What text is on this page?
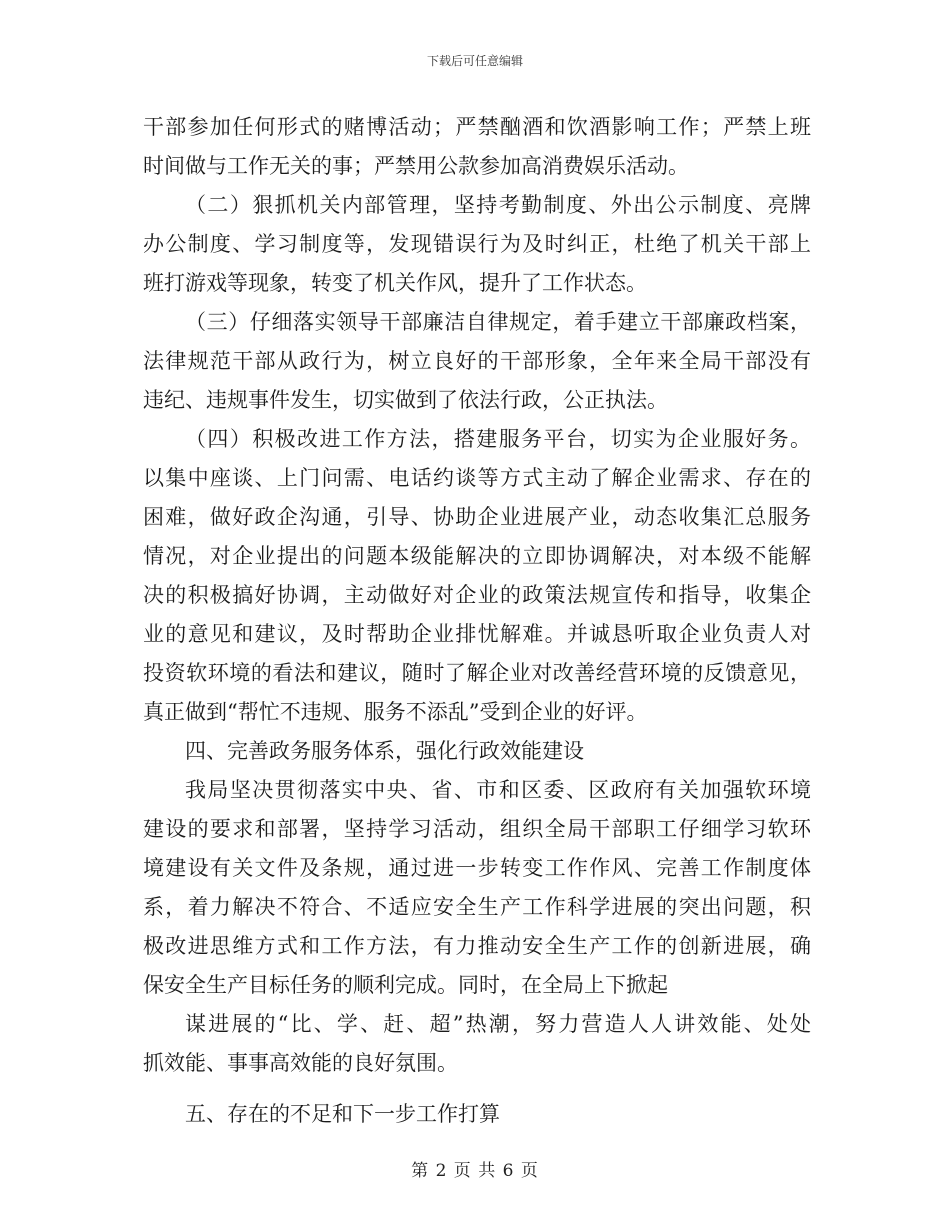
下载后可任意编辑
干部参加任何形式的赌博活动；严禁酗酒和饮酒影响工作；严禁上班
时间做与工作无关的事；严禁用公款参加高消费娱乐活动。
（二）狠抓机关内部管理，坚持考勤制度、外出公示制度、亮牌
办公制度、学习制度等，发现错误行为及时纠正，杜绝了机关干部上
班打游戏等现象，转变了机关作风，提升了工作状态。
（三）仔细落实领导干部廉洁自律规定，着手建立干部廉政档案，
法律规范干部从政行为，树立良好的干部形象，全年来全局干部没有
违纪、违规事件发生，切实做到了依法行政，公正执法。
（四）积极改进工作方法，搭建服务平台，切实为企业服好务。
以集中座谈、上门问需、电话约谈等方式主动了解企业需求、存在的
困难，做好政企沟通，引导、协助企业进展产业，动态收集汇总服务
情况，对企业提出的问题本级能解决的立即协调解决，对本级不能解
决的积极搞好协调，主动做好对企业的政策法规宣传和指导，收集企
业的意见和建议，及时帮助企业排忧解难。并诚恳听取企业负责人对
投资软环境的看法和建议，随时了解企业对改善经营环境的反馈意见，
真正做到“帮忙不违规、服务不添乱”受到企业的好评。
四、完善政务服务体系，强化行政效能建设
我局坚决贯彻落实中央、省、市和区委、区政府有关加强软环境
建设的要求和部署，坚持学习活动，组织全局干部职工仔细学习软环
境建设有关文件及条规，通过进一步转变工作作风、完善工作制度体
系，着力解决不符合、不适应安全生产工作科学进展的突出问题，积
极改进思维方式和工作方法，有力推动安全生产工作的创新进展，确
保安全生产目标任务的顺利完成。同时，在全局上下掀起
谋进展的“比、学、赶、超”热潮，努力营造人人讲效能、处处
抓效能、事事高效能的良好氛围。
五、存在的不足和下一步工作打算
第 2 页 共 6 页
